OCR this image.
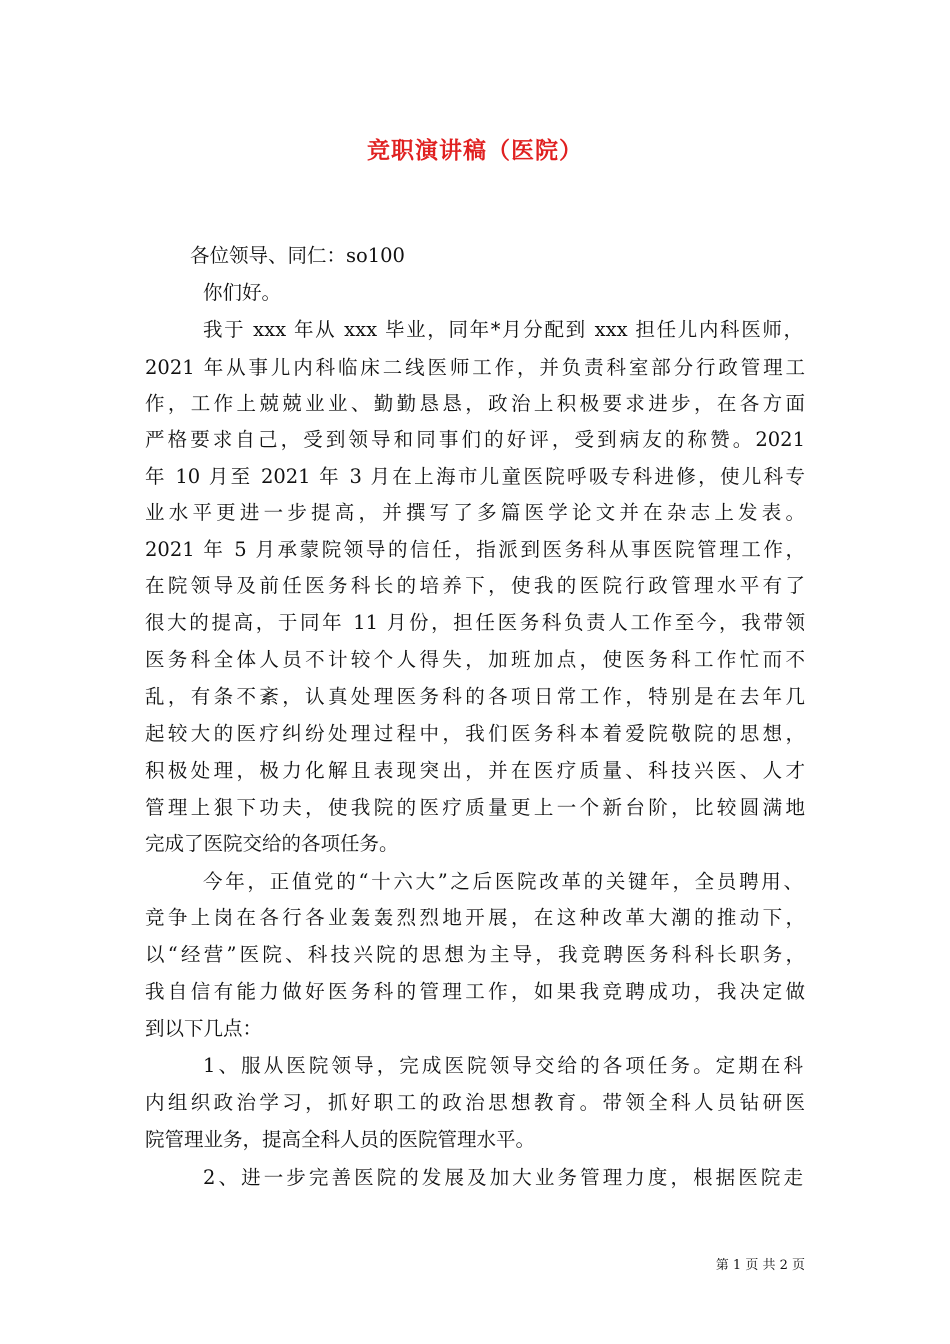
竞职演讲稿（医院）
各位领导、同仁：so100
你们好。
我于 xxx 年从 xxx 毕业，同年*月分配到 xxx 担任儿内科医师，
2021 年从事儿内科临床二线医师工作，并负责科室部分行政管理工
作，工作上兢兢业业、勤勤恳恳，政治上积极要求进步，在各方面
严格要求自己，受到领导和同事们的好评，受到病友的称赞。2021
年 10 月至 2021 年 3 月在上海市儿童医院呼吸专科进修，使儿科专
业水平更进一步提高，并撰写了多篇医学论文并在杂志上发表。
2021 年 5 月承蒙院领导的信任，指派到医务科从事医院管理工作，
在院领导及前任医务科长的培养下，使我的医院行政管理水平有了
很大的提高，于同年 11 月份，担任医务科负责人工作至今，我带领
医务科全体人员不计较个人得失，加班加点，使医务科工作忙而不
乱，有条不紊，认真处理医务科的各项日常工作，特别是在去年几
起较大的医疗纠纷处理过程中，我们医务科本着爱院敬院的思想，
积极处理，极力化解且表现突出，并在医疗质量、科技兴医、人才
管理上狠下功夫，使我院的医疗质量更上一个新台阶，比较圆满地
完成了医院交给的各项任务。
今年，正值党的“十六大”之后医院改革的关键年，全员聘用、
竞争上岗在各行各业轰轰烈烈地开展，在这种改革大潮的推动下，
以“经营”医院、科技兴院的思想为主导，我竞聘医务科科长职务，
我自信有能力做好医务科的管理工作，如果我竞聘成功，我决定做
到以下几点：
1、服从医院领导，完成医院领导交给的各项任务。定期在科
内组织政治学习，抓好职工的政治思想教育。带领全科人员钻研医
院管理业务，提高全科人员的医院管理水平。
2、进一步完善医院的发展及加大业务管理力度，根据医院走
第 1 页 共 2 页
